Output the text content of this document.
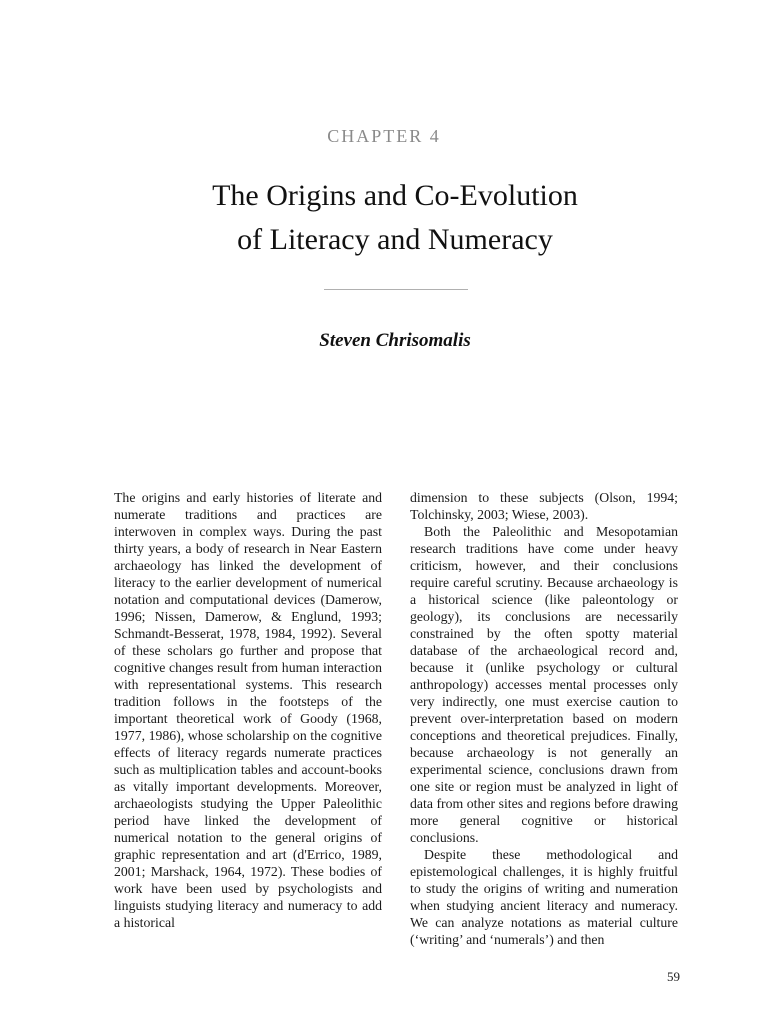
CHAPTER 4
The Origins and Co-Evolution
of Literacy and Numeracy
Steven Chrisomalis

The origins and early histories of literate and numerate traditions and practices are interwoven in complex ways. During the past thirty years, a body of research in Near Eastern archaeology has linked the development of literacy to the earlier development of numerical notation and computational devices (Damerow, 1996; Nissen, Damerow, & Englund, 1993; Schmandt-Besserat, 1978, 1984, 1992). Several of these scholars go further and propose that cognitive changes result from human interaction with representational systems. This research tradition follows in the footsteps of the important theoretical work of Goody (1968, 1977, 1986), whose scholarship on the cognitive effects of literacy regards numerate practices such as multiplication tables and account-books as vitally important developments. Moreover, archaeologists studying the Upper Paleolithic period have linked the development of numerical notation to the general origins of graphic representation and art (d'Errico, 1989, 2001; Marshack, 1964, 1972). These bodies of work have been used by psychologists and linguists studying literacy and numeracy to add a historical

dimension to these subjects (Olson, 1994; Tolchinsky, 2003; Wiese, 2003).

Both the Paleolithic and Mesopotamian research traditions have come under heavy criticism, however, and their conclusions require careful scrutiny. Because archaeology is a historical science (like paleontology or geology), its conclusions are necessarily constrained by the often spotty material database of the archaeological record and, because it (unlike psychology or cultural anthropology) accesses mental processes only very indirectly, one must exercise caution to prevent over-interpretation based on modern conceptions and theoretical prejudices. Finally, because archaeology is not generally an experimental science, conclusions drawn from one site or region must be analyzed in light of data from other sites and regions before drawing more general cognitive or historical conclusions.

Despite these methodological and epistemological challenges, it is highly fruitful to study the origins of writing and numeration when studying ancient literacy and numeracy. We can analyze notations as material culture (‘writing’ and ‘numerals’) and then

59
